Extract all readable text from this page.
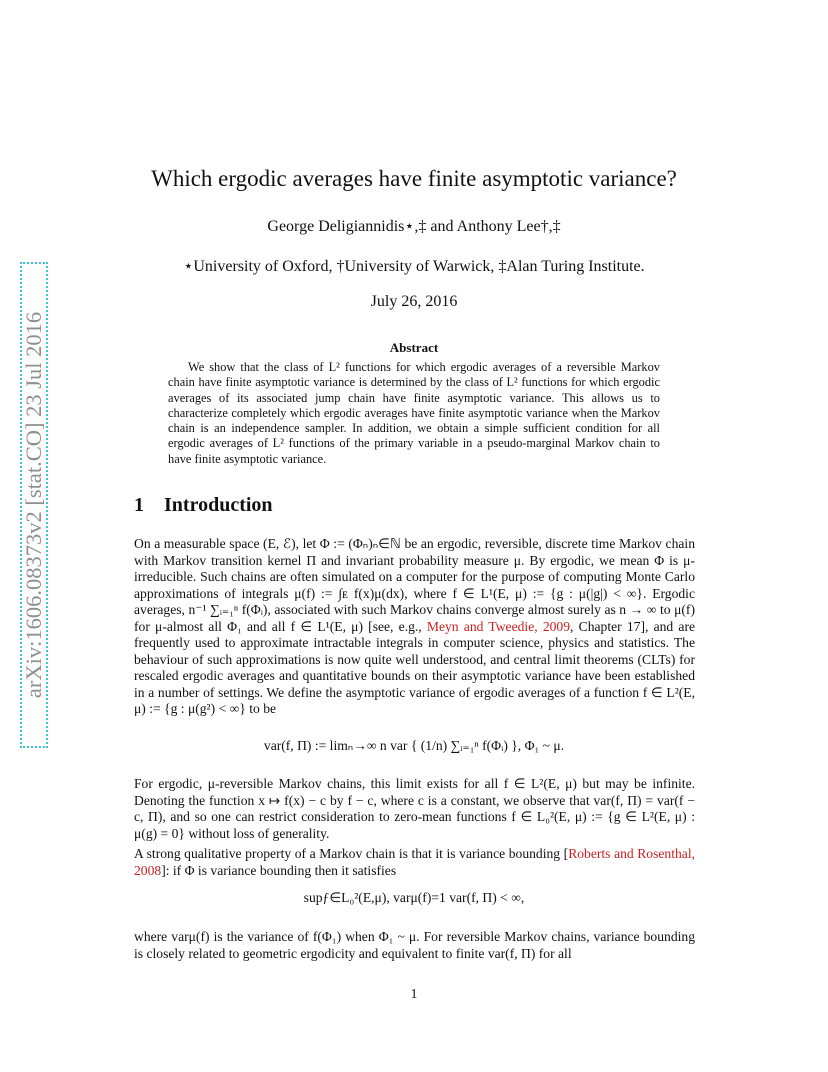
arXiv:1606.08373v2 [stat.CO] 23 Jul 2016
Which ergodic averages have finite asymptotic variance?
George Deligiannidis⋆,‡ and Anthony Lee†,‡
⋆University of Oxford, †University of Warwick, ‡Alan Turing Institute.
July 26, 2016
Abstract

We show that the class of L² functions for which ergodic averages of a reversible Markov chain have finite asymptotic variance is determined by the class of L² functions for which ergodic averages of its associated jump chain have finite asymptotic variance. This allows us to characterize completely which ergodic averages have finite asymptotic variance when the Markov chain is an independence sampler. In addition, we obtain a simple sufficient condition for all ergodic averages of L² functions of the primary variable in a pseudo-marginal Markov chain to have finite asymptotic variance.

1 Introduction

On a measurable space (E, ℰ), let Φ := (Φₙ)ₙ∈ℕ be an ergodic, reversible, discrete time Markov chain with Markov transition kernel Π and invariant probability measure μ. By ergodic, we mean Φ is μ-irreducible. Such chains are often simulated on a computer for the purpose of computing Monte Carlo approximations of integrals μ(f) := ∫ᴇ f(x)μ(dx), where f ∈ L¹(E, μ) := {g : μ(|g|) < ∞}. Ergodic averages, n⁻¹ ∑ᵢ₌₁ⁿ f(Φᵢ), associated with such Markov chains converge almost surely as n → ∞ to μ(f) for μ-almost all Φ₁ and all f ∈ L¹(E, μ) [see, e.g., Meyn and Tweedie, 2009, Chapter 17], and are frequently used to approximate intractable integrals in computer science, physics and statistics. The behaviour of such approximations is now quite well understood, and central limit theorems (CLTs) for rescaled ergodic averages and quantitative bounds on their asymptotic variance have been established in a number of settings. We define the asymptotic variance of ergodic averages of a function f ∈ L²(E, μ) := {g : μ(g²) < ∞} to be

var(f, Π) := limₙ→∞ n var { (1/n) ∑ᵢ₌₁ⁿ f(Φᵢ) }, Φ₁ ~ μ.

For ergodic, μ-reversible Markov chains, this limit exists for all f ∈ L²(E, μ) but may be infinite. Denoting the function x ↦ f(x) − c by f − c, where c is a constant, we observe that var(f, Π) = var(f − c, Π), and so one can restrict consideration to zero-mean functions f ∈ L₀²(E, μ) := {g ∈ L²(E, μ) : μ(g) = 0} without loss of generality.

A strong qualitative property of a Markov chain is that it is variance bounding [Roberts and Rosenthal, 2008]: if Φ is variance bounding then it satisfies

supƒ∈L₀²(E,μ), varμ(f)=1 var(f, Π) < ∞,

where varμ(f) is the variance of f(Φ₁) when Φ₁ ~ μ. For reversible Markov chains, variance bounding is closely related to geometric ergodicity and equivalent to finite var(f, Π) for all

1
